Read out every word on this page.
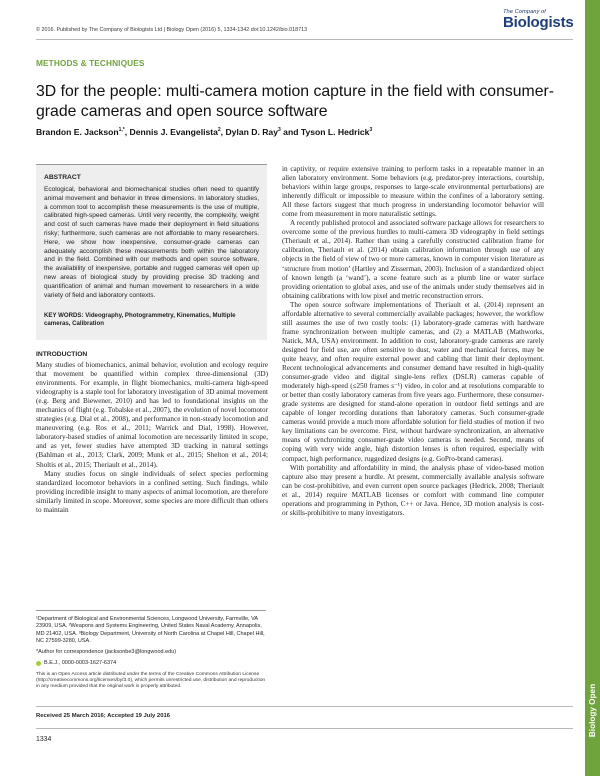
© 2016. Published by The Company of Biologists Ltd | Biology Open (2016) 5, 1334-1342 doi:10.1242/bio.018713
The Company of
Biologists
METHODS & TECHNIQUES
3D for the people: multi-camera motion capture in the field with consumer-grade cameras and open source software
Brandon E. Jackson$^{1,*}$, Dennis J. Evangelista$^2$, Dylan D. Ray$^3$ and Tyson L. Hedrick$^3$
ABSTRACT
Ecological, behavioral and biomechanical studies often need to quantify animal movement and behavior in three dimensions. In laboratory studies, a common tool to accomplish these measurements is the use of multiple, calibrated high-speed cameras. Until very recently, the complexity, weight and cost of such cameras have made their deployment in field situations risky; furthermore, such cameras are not affordable to many researchers. Here, we show how inexpensive, consumer-grade cameras can adequately accomplish these measurements both within the laboratory and in the field. Combined with our methods and open source software, the availability of inexpensive, portable and rugged cameras will open up new areas of biological study by providing precise 3D tracking and quantification of animal and human movement to researchers in a wide variety of field and laboratory contexts.
KEY WORDS: Videography, Photogrammetry, Kinematics, Multiple cameras, Calibration
INTRODUCTION

Many studies of biomechanics, animal behavior, evolution and ecology require that movement be quantified within complex three-dimensional (3D) environments. For example, in flight biomechanics, multi-camera high-speed videography is a staple tool for laboratory investigation of 3D animal movement (e.g. Berg and Biewener, 2010) and has led to foundational insights on the mechanics of flight (e.g. Tobalske et al., 2007), the evolution of novel locomotor strategies (e.g. Dial et al., 2008), and performance in non-steady locomotion and maneuvering (e.g. Ros et al., 2011; Warrick and Dial, 1998). However, laboratory-based studies of animal locomotion are necessarily limited in scope, and as yet, fewer studies have attempted 3D tracking in natural settings (Bahlman et al., 2013; Clark, 2009; Munk et al., 2015; Shelton et al., 2014; Sholtis et al., 2015; Theriault et al., 2014).

Many studies focus on single individuals of select species performing standardized locomotor behaviors in a confined setting. Such findings, while providing incredible insight to many aspects of animal locomotion, are therefore similarly limited in scope. Moreover, some species are more difficult than others to maintain

in captivity, or require extensive training to perform tasks in a repeatable manner in an alien laboratory environment. Some behaviors (e.g. predator-prey interactions, courtship, behaviors within large groups, responses to large-scale environmental perturbations) are inherently difficult or impossible to measure within the confines of a laboratory setting. All these factors suggest that much progress in understanding locomotor behavior will come from measurement in more naturalistic settings.

A recently published protocol and associated software package allows for researchers to overcome some of the previous hurdles to multi-camera 3D videography in field settings (Theriault et al., 2014). Rather than using a carefully constructed calibration frame for calibration, Theriault et al. (2014) obtain calibration information through use of any objects in the field of view of two or more cameras, known in computer vision literature as ‘structure from motion’ (Hartley and Zisserman, 2003). Inclusion of a standardized object of known length (a ‘wand’), a scene feature such as a plumb line or water surface providing orientation to global axes, and use of the animals under study themselves aid in obtaining calibrations with low pixel and metric reconstruction errors.

The open source software implementations of Theriault et al. (2014) represent an affordable alternative to several commercially available packages; however, the workflow still assumes the use of two costly tools: (1) laboratory-grade cameras with hardware frame synchronization between multiple cameras, and (2) a MATLAB (Mathworks, Natick, MA, USA) environment. In addition to cost, laboratory-grade cameras are rarely designed for field use, are often sensitive to dust, water and mechanical forces, may be quite heavy, and often require external power and cabling that limit their deployment. Recent technological advancements and consumer demand have resulted in high-quality consumer-grade video and digital single-lens reflex (DSLR) cameras capable of moderately high-speed (≤250 frames s⁻¹) video, in color and at resolutions comparable to or better than costly laboratory cameras from five years ago. Furthermore, these consumer-grade systems are designed for stand-alone operation in outdoor field settings and are capable of longer recording durations than laboratory cameras. Such consumer-grade cameras would provide a much more affordable solution for field studies of motion if two key limitations can be overcome. First, without hardware synchronization, an alternative means of synchronizing consumer-grade video cameras is needed. Second, means of coping with very wide angle, high distortion lenses is often required, especially with compact, high performance, ruggedized designs (e.g. GoPro-brand cameras).

With portability and affordability in mind, the analysis phase of video-based motion capture also may present a hurdle. At present, commercially available analysis software can be cost-prohibitive, and even current open source packages (Hedrick, 2008; Theriault et al., 2014) require MATLAB licenses or comfort with command line computer operations and programming in Python, C++ or Java. Hence, 3D motion analysis is cost- or skills-prohibitive to many investigators.

¹Department of Biological and Environmental Sciences, Longwood University, Farmville, VA 23909, USA. ²Weapons and Systems Engineering, United States Naval Academy, Annapolis, MD 21402, USA. ³Biology Department, University of North Carolina at Chapel Hill, Chapel Hill, NC 27599-3280, USA.
*Author for correspondence (jacksonbe3@longwood.edu)
B.E.J., 0000-0003-1627-6374
This is an Open Access article distributed under the terms of the Creative Commons Attribution License (http://creativecommons.org/licenses/by/3.0), which permits unrestricted use, distribution and reproduction in any medium provided that the original work is properly attributed.
Received 25 March 2016; Accepted 19 July 2016
1334
Biology Open
